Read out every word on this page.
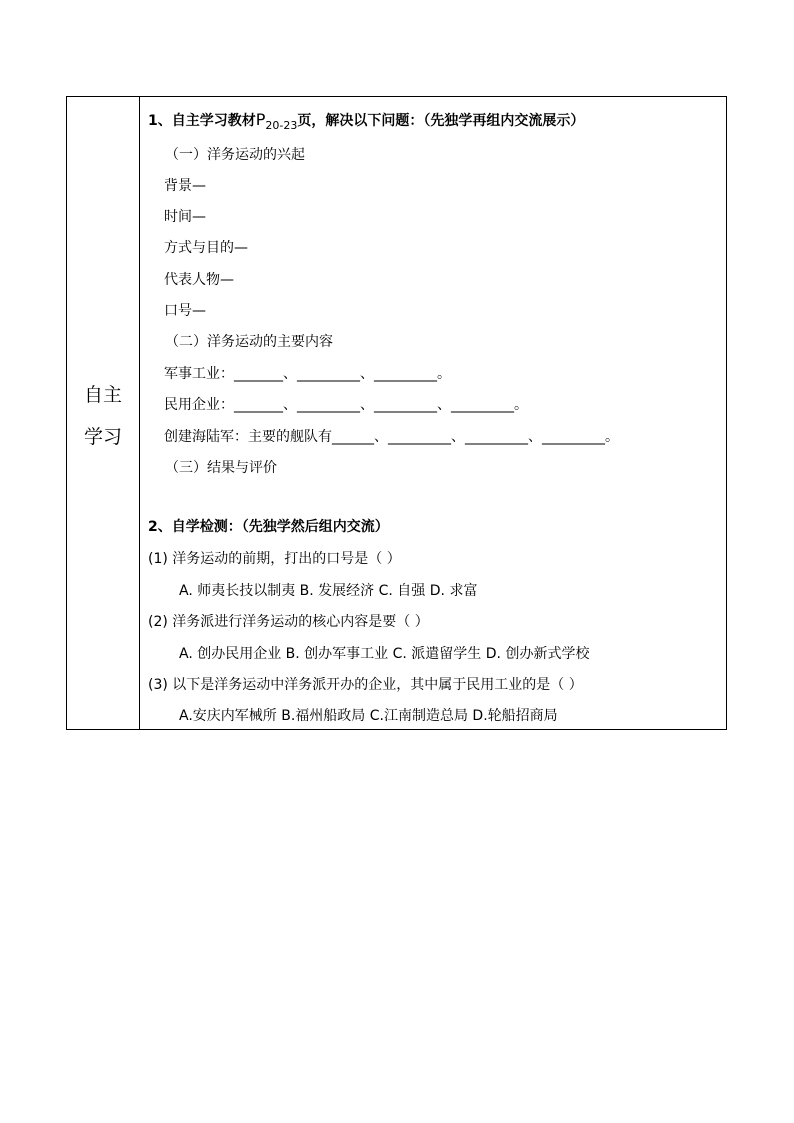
自主
学习
1、自主学习教材$P_{20-23}$页，解决以下问题：（先独学再组内交流展示）
（一）洋务运动的兴起
背景—
时间—
方式与目的—
代表人物—
口号—
（二）洋务运动的主要内容
军事工业：_______、_________、_________。
民用企业：_______、_________、_________、_________。
创建海陆军：主要的舰队有______、_________、_________、_________。
（三）结果与评价
2、自学检测：（先独学然后组内交流）
(1) 洋务运动的前期，打出的口号是（ ）
A. 师夷长技以制夷 B. 发展经济 C. 自强 D. 求富
(2) 洋务派进行洋务运动的核心内容是要（ ）
A. 创办民用企业 B. 创办军事工业 C. 派遣留学生 D. 创办新式学校
(3) 以下是洋务运动中洋务派开办的企业，其中属于民用工业的是（ ）
A.安庆内军械所 B.福州船政局 C.江南制造总局 D.轮船招商局
